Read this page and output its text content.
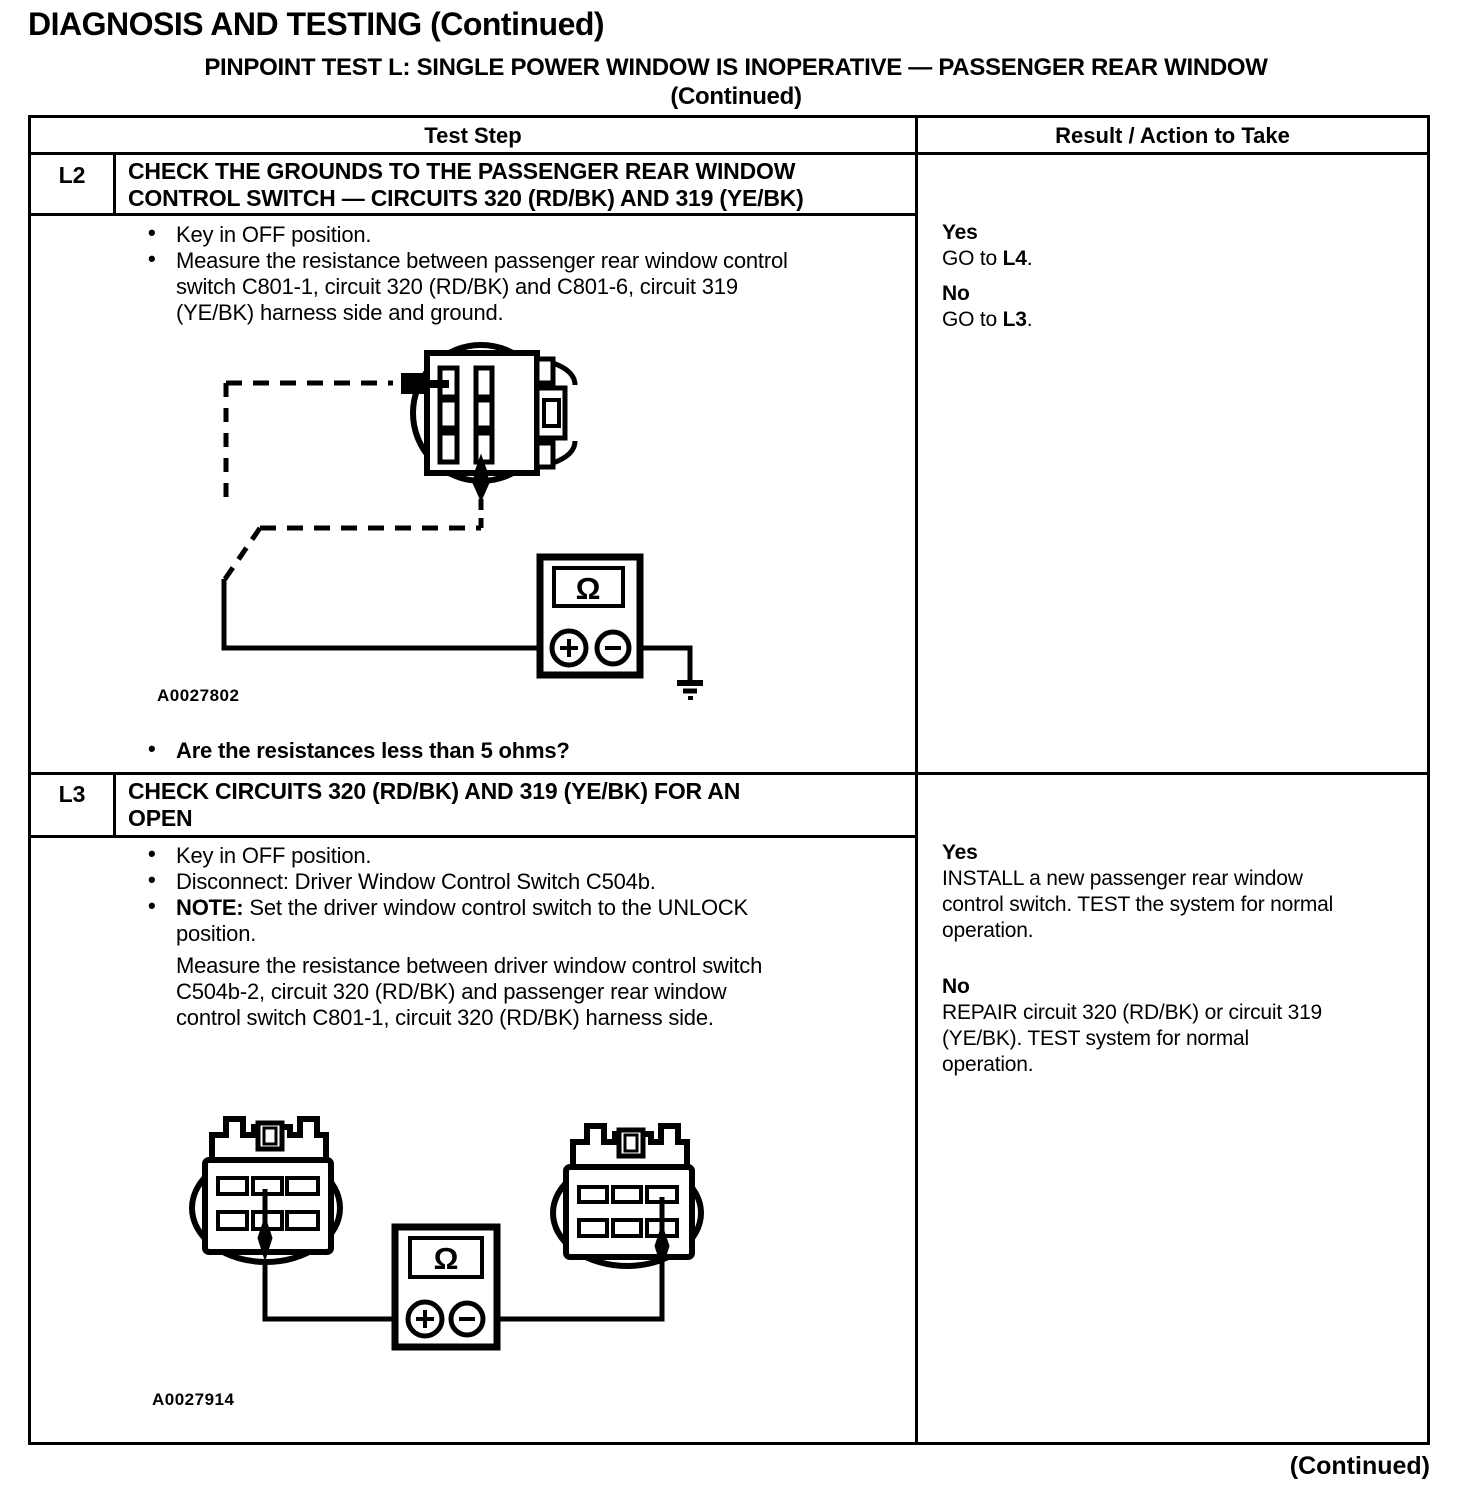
DIAGNOSIS AND TESTING (Continued)
PINPOINT TEST L: SINGLE POWER WINDOW IS INOPERATIVE — PASSENGER REAR WINDOW
(Continued)
Test Step	Result / Action to Take
L2	CHECK THE GROUNDS TO THE PASSENGER REAR WINDOW
CONTROL SWITCH — CIRCUITS 320 (RD/BK) AND 319 (YE/BK)
• Key in OFF position.
• Measure the resistance between passenger rear window control
switch C801-1, circuit 320 (RD/BK) and C801-6, circuit 319
(YE/BK) harness side and ground.
Ω
A0027802
• Are the resistances less than 5 ohms?
Yes
GO to L4.
No
GO to L3.
L3	CHECK CIRCUITS 320 (RD/BK) AND 319 (YE/BK) FOR AN
OPEN
• Key in OFF position.
• Disconnect: Driver Window Control Switch C504b.
• NOTE: Set the driver window control switch to the UNLOCK
position.
Measure the resistance between driver window control switch
C504b-2, circuit 320 (RD/BK) and passenger rear window
control switch C801-1, circuit 320 (RD/BK) harness side.
Ω
A0027914
Yes
INSTALL a new passenger rear window
control switch. TEST the system for normal
operation.
No
REPAIR circuit 320 (RD/BK) or circuit 319
(YE/BK). TEST system for normal
operation.
(Continued)
